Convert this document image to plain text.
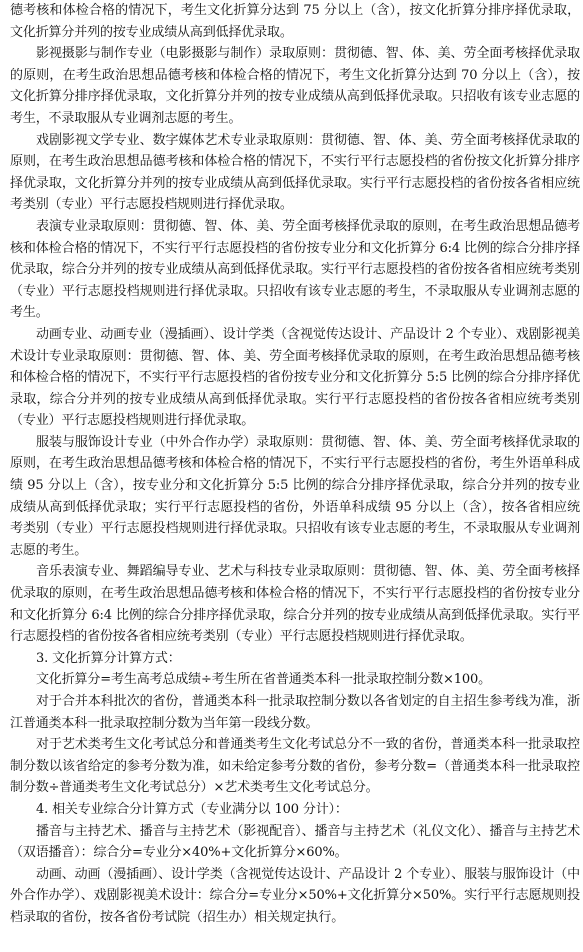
德考核和体检合格的情况下，考生文化折算分达到 75 分以上（含），按文化折算分排序择优录取，文化折算分并列的按专业成绩从高到低择优录取。

影视摄影与制作专业（电影摄影与制作）录取原则：贯彻德、智、体、美、劳全面考核择优录取的原则，在考生政治思想品德考核和体检合格的情况下，考生文化折算分达到 70 分以上（含），按文化折算分排序择优录取，文化折算分并列的按专业成绩从高到低择优录取。只招收有该专业志愿的考生，不录取服从专业调剂志愿的考生。

戏剧影视文学专业、数字媒体艺术专业录取原则：贯彻德、智、体、美、劳全面考核择优录取的原则，在考生政治思想品德考核和体检合格的情况下，不实行平行志愿投档的省份按文化折算分排序择优录取，文化折算分并列的按专业成绩从高到低择优录取。实行平行志愿投档的省份按各省相应统考类别（专业）平行志愿投档规则进行择优录取。

表演专业录取原则：贯彻德、智、体、美、劳全面考核择优录取的原则，在考生政治思想品德考核和体检合格的情况下，不实行平行志愿投档的省份按专业分和文化折算分 6:4 比例的综合分排序择优录取，综合分并列的按专业成绩从高到低择优录取。实行平行志愿投档的省份按各省相应统考类别（专业）平行志愿投档规则进行择优录取。只招收有该专业志愿的考生，不录取服从专业调剂志愿的考生。

动画专业、动画专业（漫插画）、设计学类（含视觉传达设计、产品设计 2 个专业）、戏剧影视美术设计专业录取原则：贯彻德、智、体、美、劳全面考核择优录取的原则，在考生政治思想品德考核和体检合格的情况下，不实行平行志愿投档的省份按专业分和文化折算分 5:5 比例的综合分排序择优录取，综合分并列的按专业成绩从高到低择优录取。实行平行志愿投档的省份按各省相应统考类别（专业）平行志愿投档规则进行择优录取。

服装与服饰设计专业（中外合作办学）录取原则：贯彻德、智、体、美、劳全面考核择优录取的原则，在考生政治思想品德考核和体检合格的情况下，不实行平行志愿投档的省份，考生外语单科成绩 95 分以上（含），按专业分和文化折算分 5:5 比例的综合分排序择优录取，综合分并列的按专业成绩从高到低择优录取；实行平行志愿投档的省份，外语单科成绩 95 分以上（含），按各省相应统考类别（专业）平行志愿投档规则进行择优录取。只招收有该专业志愿的考生，不录取服从专业调剂志愿的考生。

音乐表演专业、舞蹈编导专业、艺术与科技专业录取原则：贯彻德、智、体、美、劳全面考核择优录取的原则，在考生政治思想品德考核和体检合格的情况下，不实行平行志愿投档的省份按专业分和文化折算分 6:4 比例的综合分排序择优录取，综合分并列的按专业成绩从高到低择优录取。实行平行志愿投档的省份按各省相应统考类别（专业）平行志愿投档规则进行择优录取。

3. 文化折算分计算方式：

文化折算分=考生高考总成绩÷考生所在省普通类本科一批录取控制分数×100。

对于合并本科批次的省份，普通类本科一批录取控制分数以各省划定的自主招生参考线为准，浙江普通类本科一批录取控制分数为当年第一段线分数。

对于艺术类考生文化考试总分和普通类考生文化考试总分不一致的省份，普通类本科一批录取控制分数以该省给定的参考分数为准，如未给定参考分数的省份，参考分数=（普通类本科一批录取控制分数÷普通类考生文化考试总分）×艺术类考生文化考试总分。

4. 相关专业综合分计算方式（专业满分以 100 分计）：

播音与主持艺术、播音与主持艺术（影视配音）、播音与主持艺术（礼仪文化）、播音与主持艺术（双语播音）：综合分=专业分×40%+文化折算分×60%。

动画、动画（漫插画）、设计学类（含视觉传达设计、产品设计 2 个专业）、服装与服饰设计（中外合作办学）、戏剧影视美术设计：综合分=专业分×50%+文化折算分×50%。实行平行志愿规则投档录取的省份，按各省份考试院（招生办）相关规定执行。
